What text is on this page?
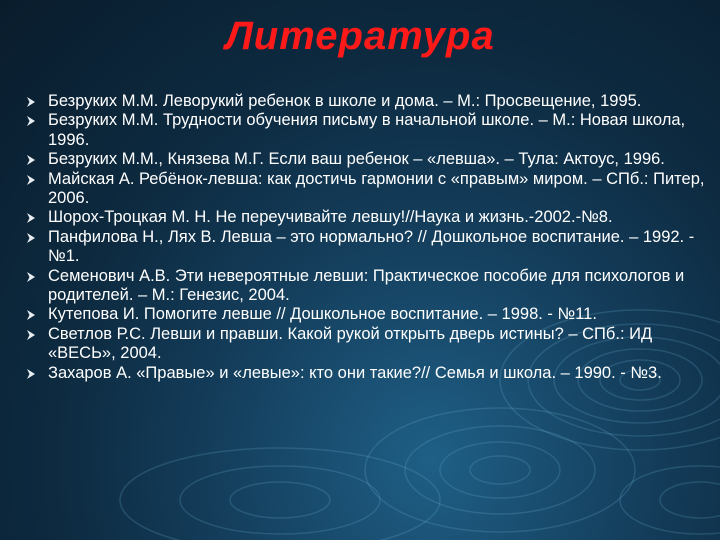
Литература
Безруких М.М. Леворукий ребенок в школе и дома. – М.: Просвещение, 1995.
Безруких М.М. Трудности обучения письму в начальной школе. – М.: Новая школа, 1996.
Безруких М.М., Князева М.Г. Если ваш ребенок – «левша». – Тула: Актоус, 1996.
Майская А. Ребёнок-левша: как достичь гармонии с «правым» миром. – СПб.: Питер, 2006.
Шорох-Троцкая М. Н. Не переучивайте левшу!//Наука и жизнь.-2002.-№8.
Панфилова Н., Лях В. Левша – это нормально? // Дошкольное воспитание. – 1992. - №1.
Семенович А.В. Эти невероятные левши: Практическое пособие для психологов и родителей. – М.: Генезис, 2004.
Кутепова И. Помогите левше // Дошкольное воспитание. – 1998. - №11.
Светлов Р.С. Левши и правши. Какой рукой открыть дверь истины? – СПб.: ИД «ВЕСЬ», 2004.
Захаров А. «Правые» и «левые»: кто они такие?// Семья и школа. – 1990. - №3.
